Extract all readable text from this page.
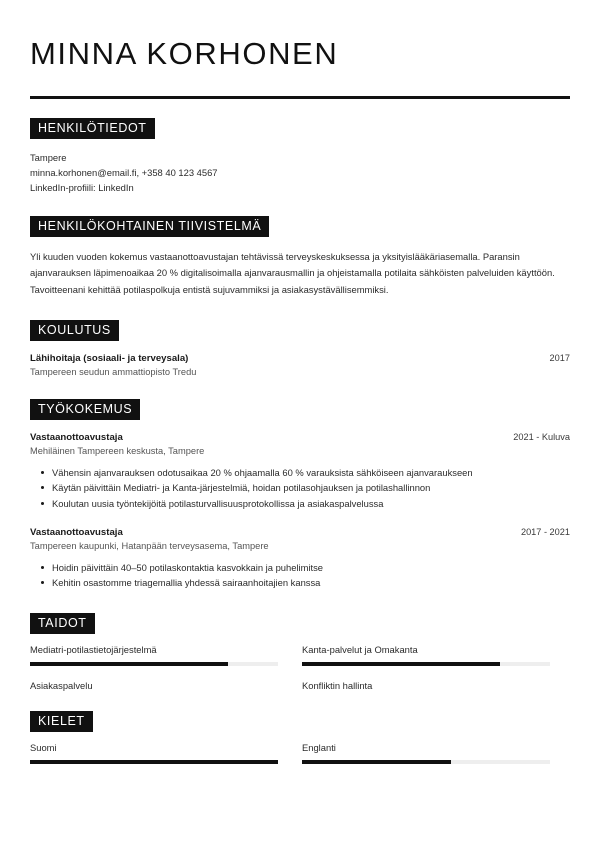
MINNA KORHONEN
HENKILÖTIEDOT
Tampere
minna.korhonen@email.fi, +358 40 123 4567
LinkedIn-profiili: LinkedIn
HENKILÖKOHTAINEN TIIVISTELMÄ

Yli kuuden vuoden kokemus vastaanottoavustajan tehtävissä terveyskeskuksessa ja yksityislääkäriasemalla. Paransin ajanvarauksen läpimenoaikaa 20 % digitalisoimalla ajanvarausmallin ja ohjeistamalla potilaita sähköisten palveluiden käyttöön. Tavoitteenani kehittää potilaspolkuja entistä sujuvammiksi ja asiakasystävällisemmiksi.

KOULUTUS
Lähihoitaja (sosiaali- ja terveysala)	2017
Tampereen seudun ammattiopisto Tredu
TYÖKOKEMUS
Vastaanottoavustaja	2021 - Kuluva
Mehiläinen Tampereen keskusta, Tampere
Vähensin ajanvarauksen odotusaikaa 20 % ohjaamalla 60 % varauksista sähköiseen ajanvaraukseen
Käytän päivittäin Mediatri- ja Kanta-järjestelmiä, hoidan potilasohjauksen ja potilashallinnon
Koulutan uusia työntekijöitä potilasturvallisuusprotokollissa ja asiakaspalvelussa
Vastaanottoavustaja	2017 - 2021
Tampereen kaupunki, Hatanpään terveysasema, Tampere
Hoidin päivittäin 40–50 potilaskontaktia kasvokkain ja puhelimitse
Kehitin osastomme triagemallia yhdessä sairaanhoitajien kanssa
TAIDOT
Mediatri-potilastietojärjestelmä	Kanta-palvelut ja Omakanta
Asiakaspalvelu	Konfliktin hallinta
KIELET
Suomi	Englanti
